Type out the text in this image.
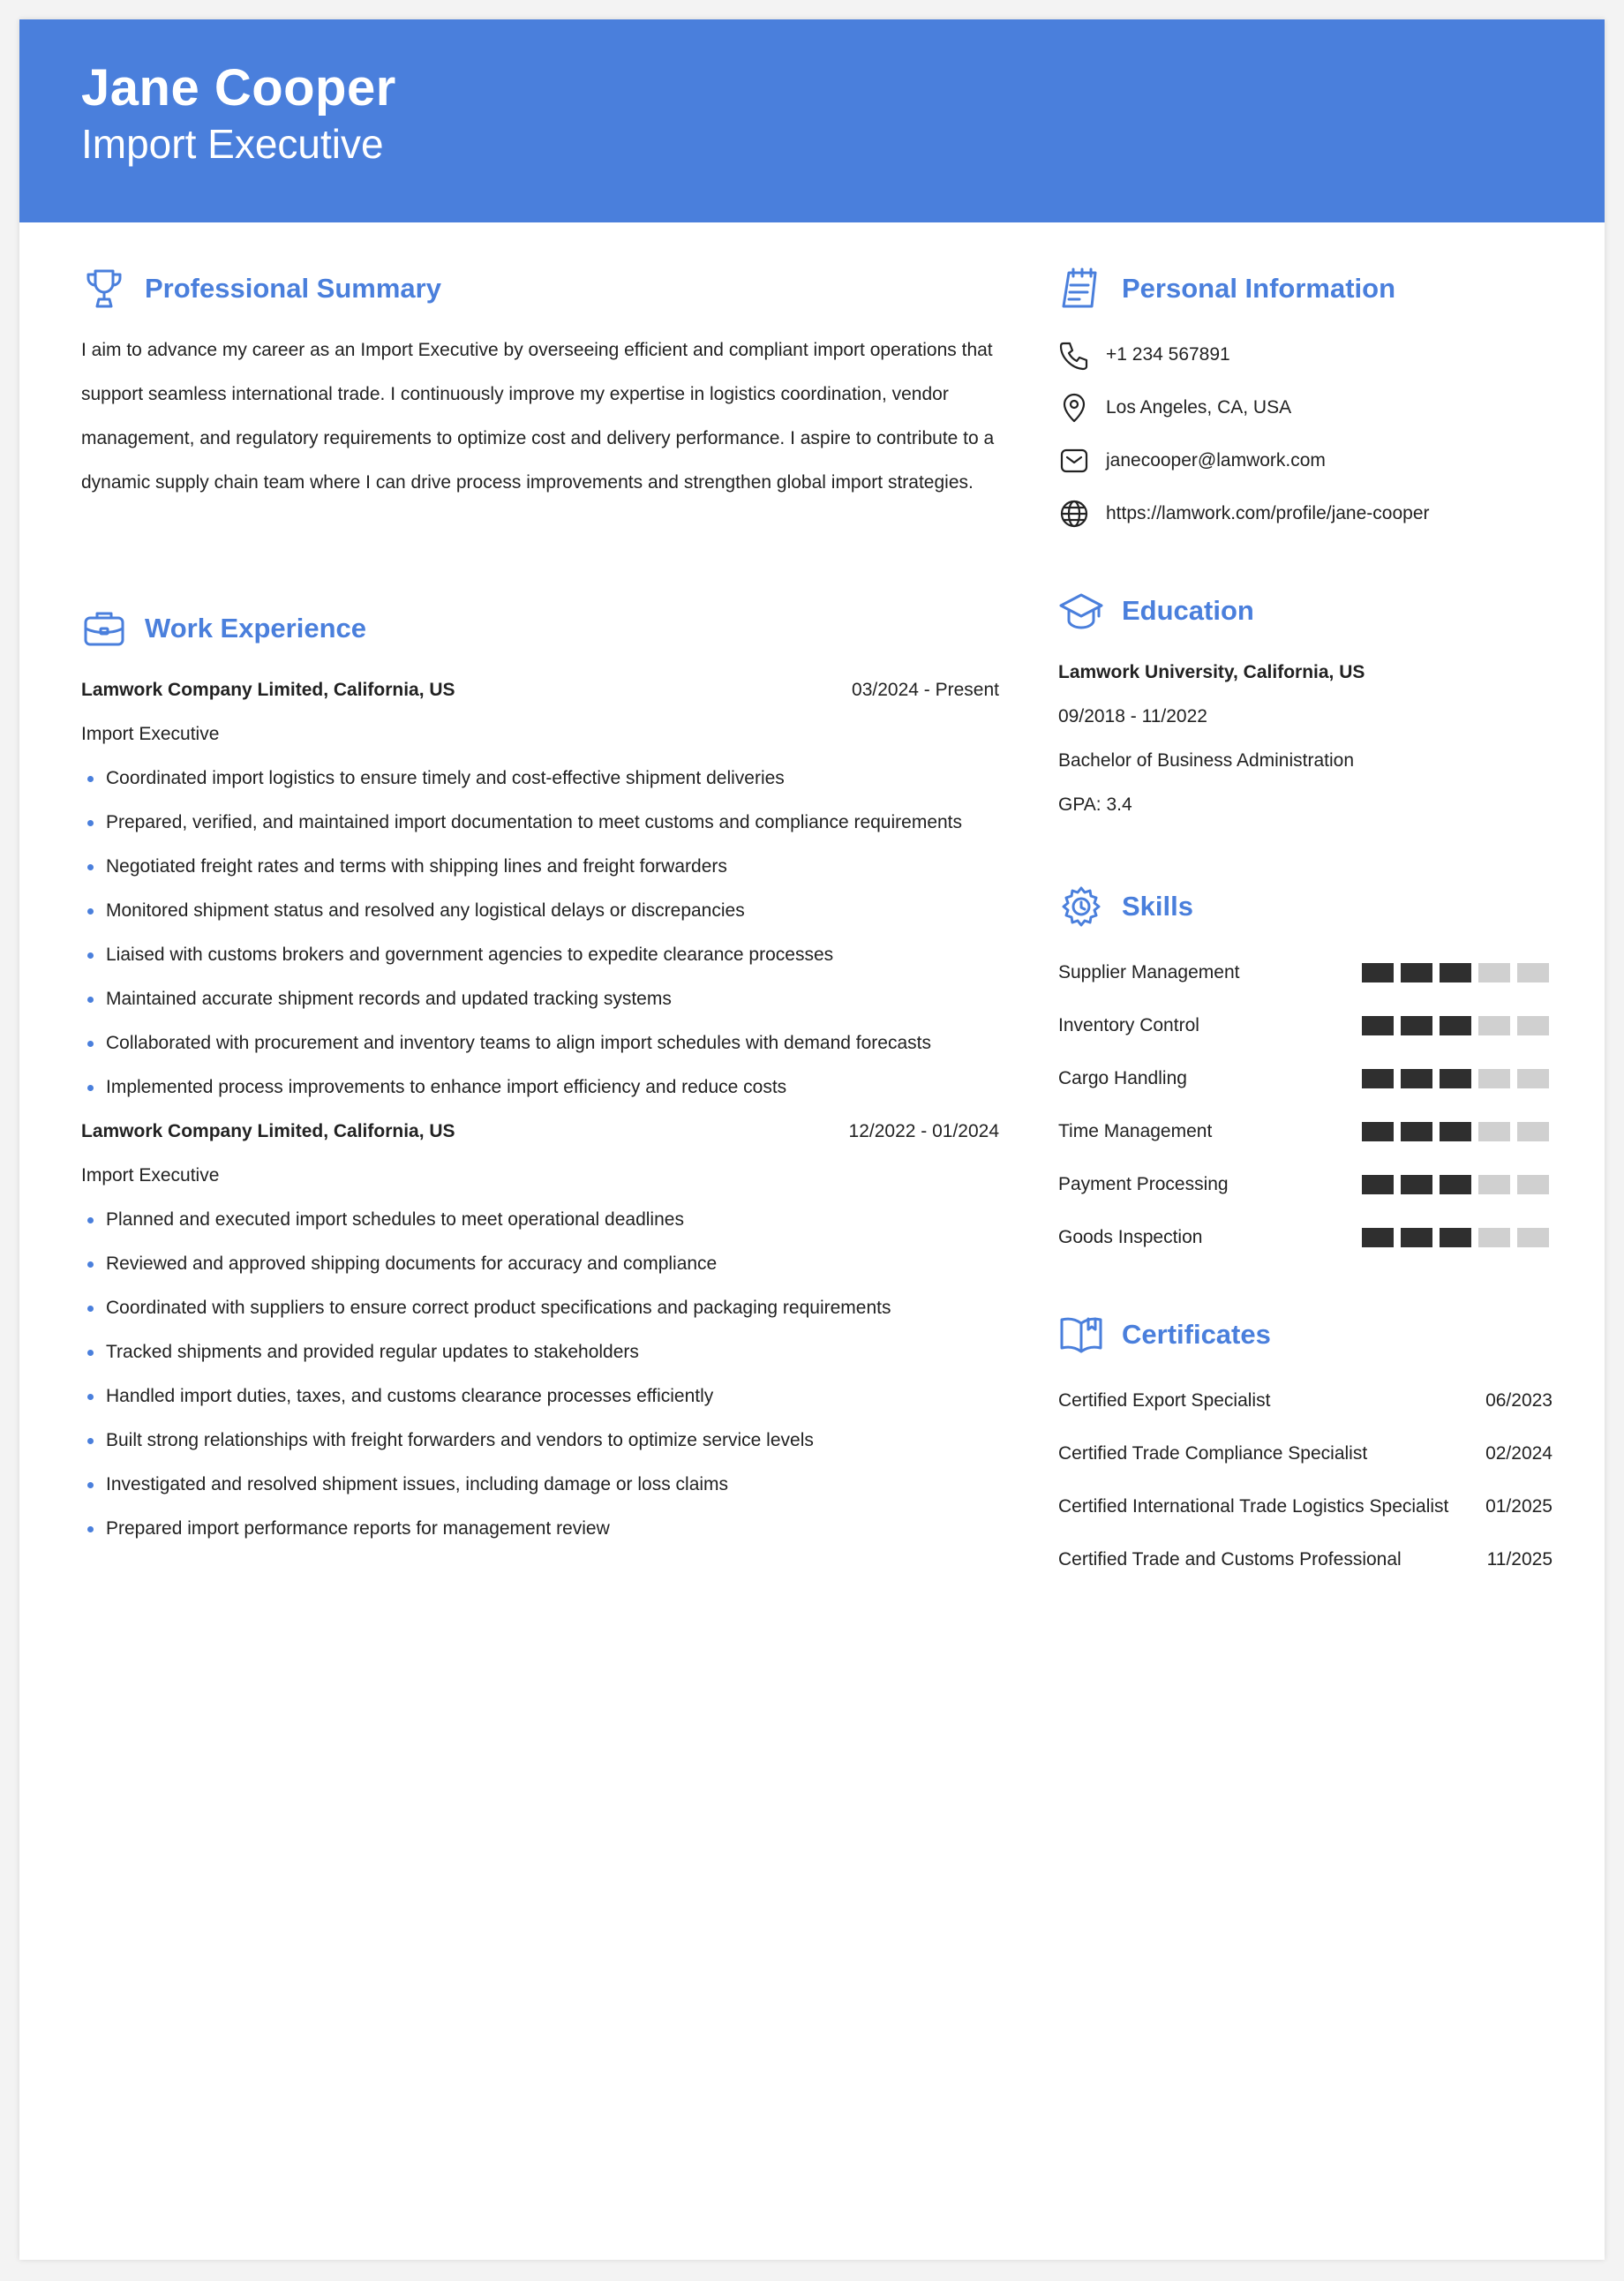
Jane Cooper
Import Executive
Professional Summary

I aim to advance my career as an Import Executive by overseeing efficient and compliant import operations that support seamless international trade. I continuously improve my expertise in logistics coordination, vendor management, and regulatory requirements to optimize cost and delivery performance. I aspire to contribute to a dynamic supply chain team where I can drive process improvements and strengthen global import strategies.

Work Experience
Lamwork Company Limited, California, US	03/2024 - Present
Import Executive
Coordinated import logistics to ensure timely and cost-effective shipment deliveries
Prepared, verified, and maintained import documentation to meet customs and compliance requirements
Negotiated freight rates and terms with shipping lines and freight forwarders
Monitored shipment status and resolved any logistical delays or discrepancies
Liaised with customs brokers and government agencies to expedite clearance processes
Maintained accurate shipment records and updated tracking systems
Collaborated with procurement and inventory teams to align import schedules with demand forecasts
Implemented process improvements to enhance import efficiency and reduce costs
Lamwork Company Limited, California, US	12/2022 - 01/2024
Import Executive
Planned and executed import schedules to meet operational deadlines
Reviewed and approved shipping documents for accuracy and compliance
Coordinated with suppliers to ensure correct product specifications and packaging requirements
Tracked shipments and provided regular updates to stakeholders
Handled import duties, taxes, and customs clearance processes efficiently
Built strong relationships with freight forwarders and vendors to optimize service levels
Investigated and resolved shipment issues, including damage or loss claims
Prepared import performance reports for management review
Personal Information
+1 234 567891
Los Angeles, CA, USA
janecooper@lamwork.com
https://lamwork.com/profile/jane-cooper
Education
Lamwork University, California, US
09/2018 - 11/2022
Bachelor of Business Administration
GPA: 3.4
Skills
Supplier Management
Inventory Control
Cargo Handling
Time Management
Payment Processing
Goods Inspection
Certificates
Certified Export Specialist	06/2023
Certified Trade Compliance Specialist	02/2024
Certified International Trade Logistics Specialist 01/2025
Certified Trade and Customs Professional	11/2025
